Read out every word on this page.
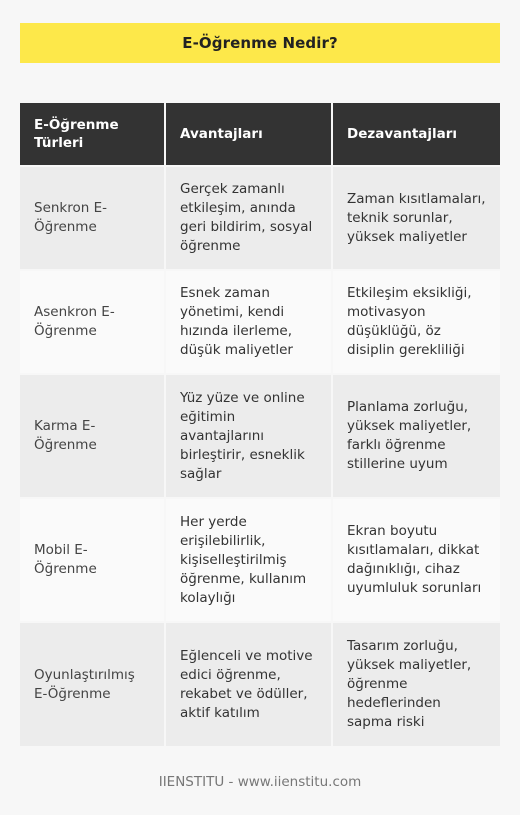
E-Öğrenme Nedir?
E-Öğrenme Türleri	Avantajları	Dezavantajları
Senkron E-Öğrenme	Gerçek zamanlı etkileşim, anında geri bildirim, sosyal öğrenme	Zaman kısıtlamaları, teknik sorunlar, yüksek maliyetler
Asenkron E-Öğrenme	Esnek zaman yönetimi, kendi hızında ilerleme, düşük maliyetler	Etkileşim eksikliği, motivasyon düşüklüğü, öz disiplin gerekliliği
Karma E-Öğrenme	Yüz yüze ve online eğitimin avantajlarını birleştirir, esneklik sağlar	Planlama zorluğu, yüksek maliyetler, farklı öğrenme stillerine uyum
Mobil E-Öğrenme	Her yerde erişilebilirlik, kişiselleştirilmiş öğrenme, kullanım kolaylığı	Ekran boyutu kısıtlamaları, dikkat dağınıklığı, cihaz uyumluluk sorunları
Oyunlaştırılmış E-Öğrenme	Eğlenceli ve motive edici öğrenme, rekabet ve ödüller, aktif katılım	Tasarım zorluğu, yüksek maliyetler, öğrenme hedeflerinden sapma riski
IIENSTITU - www.iienstitu.com
